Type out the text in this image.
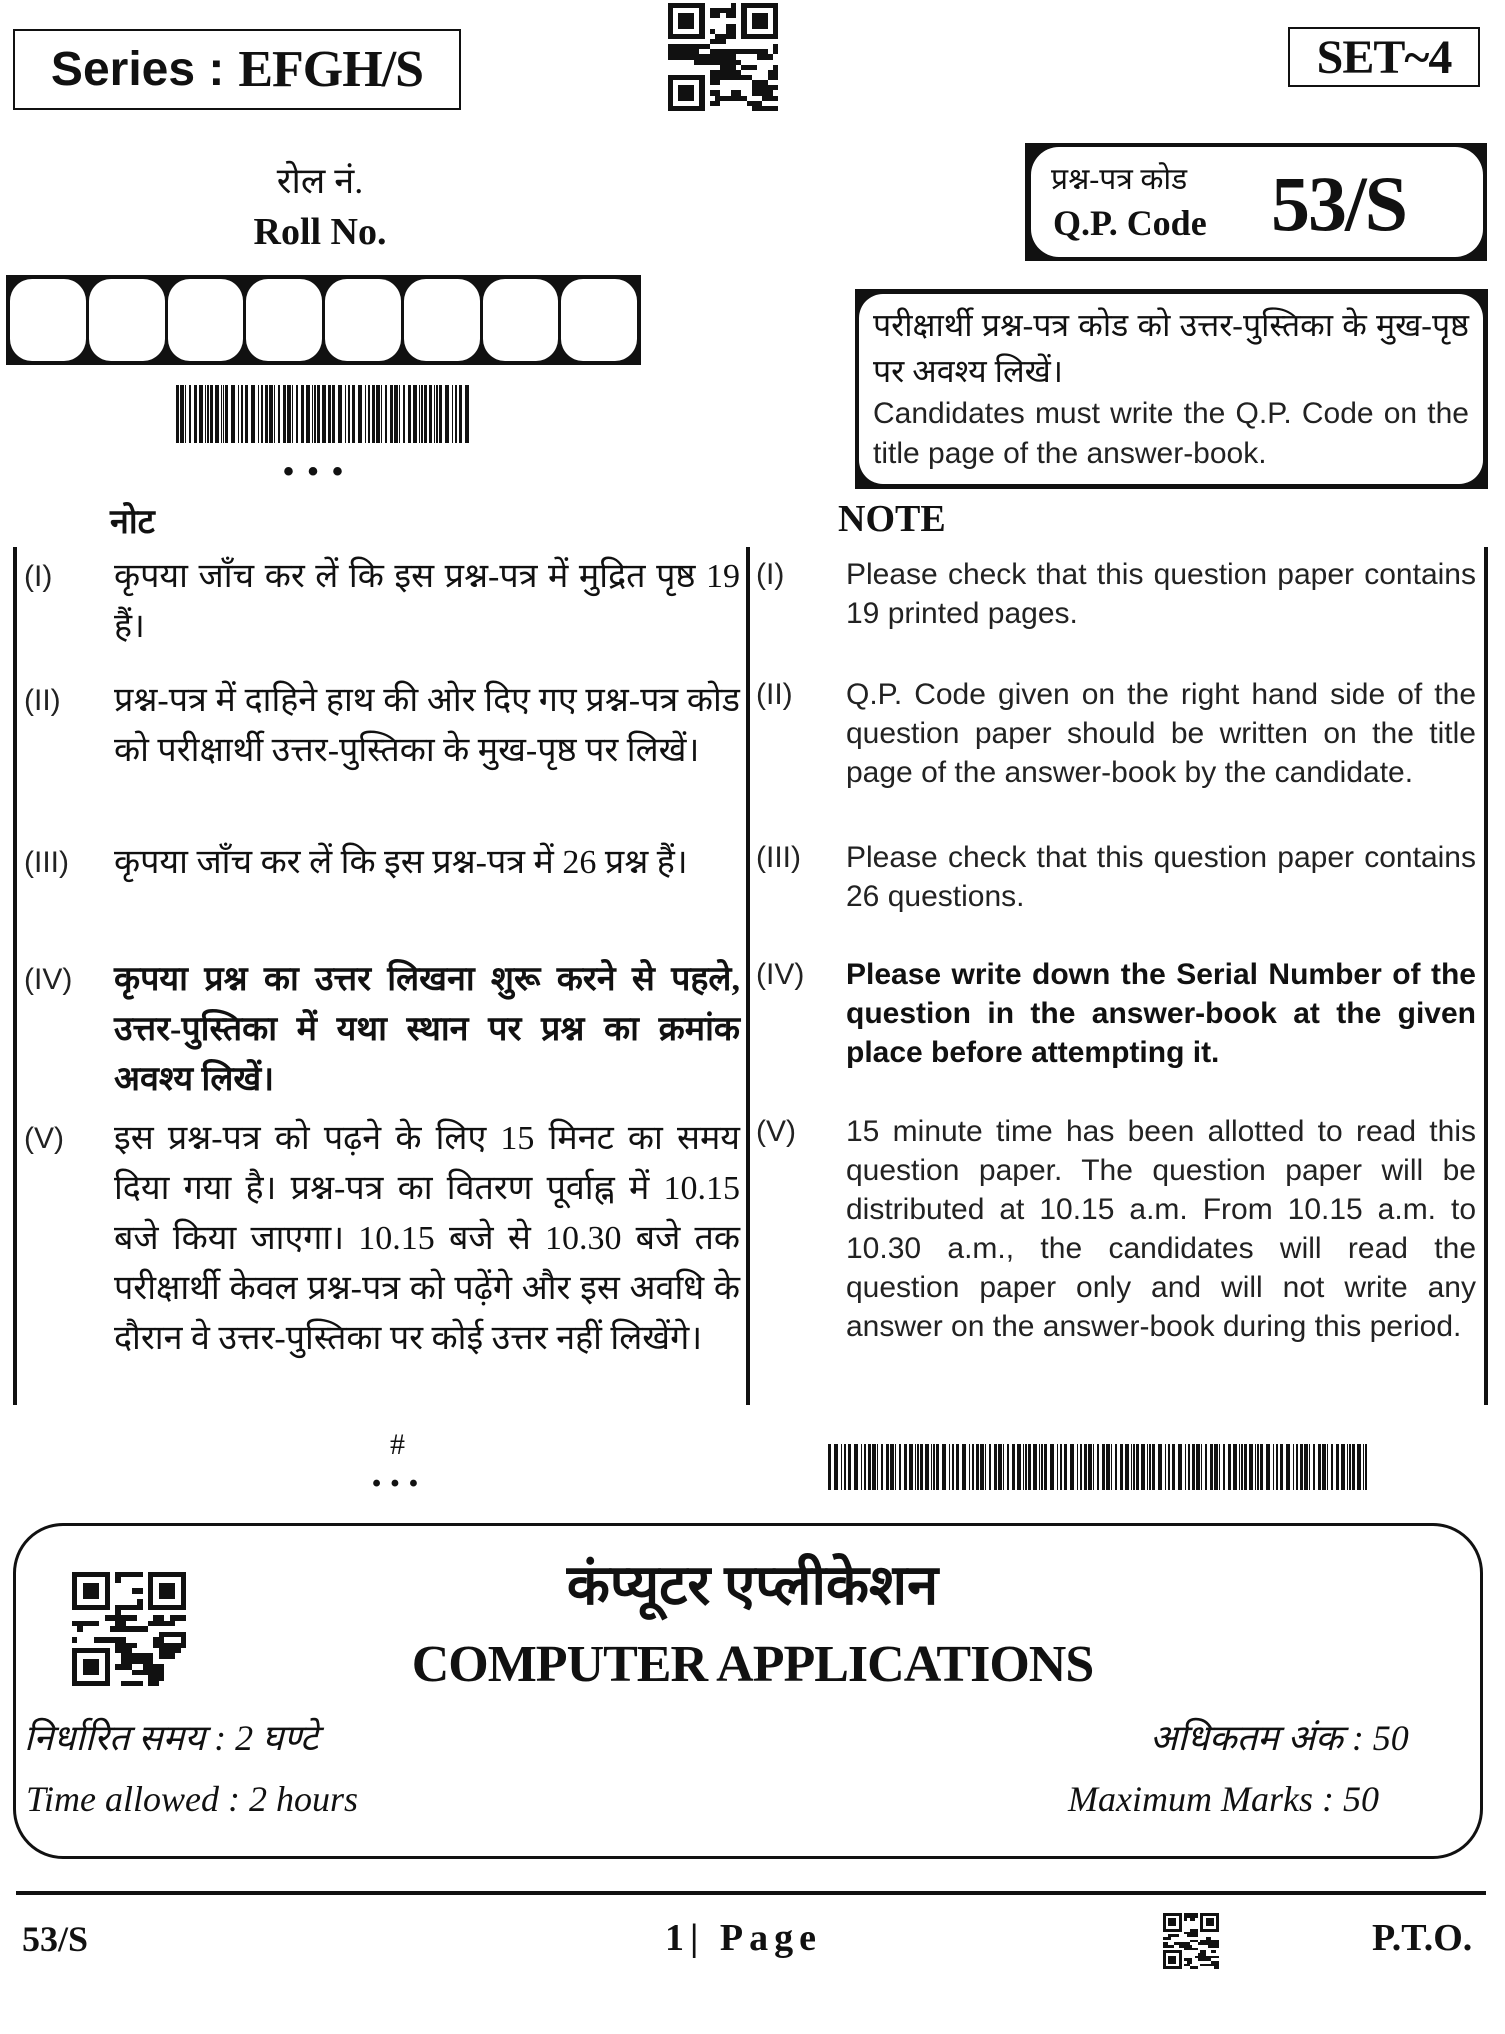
Series : EFGH/S	SET~4
रोल नं.
Roll No.
•••
प्रश्न-पत्र कोड
Q.P. Code 53/S
परीक्षार्थी प्रश्न-पत्र कोड को उत्तर-पुस्तिका के मुख-पृष्ठ पर अवश्य लिखें।
Candidates must write the Q.P. Code on the title page of the answer-book.
नोट	NOTE
(I)	कृपया जाँच कर लें कि इस प्रश्न-पत्र में मुद्रित पृष्ठ 19 हैं।
(II)	प्रश्न-पत्र में दाहिने हाथ की ओर दिए गए प्रश्न-पत्र कोड को परीक्षार्थी उत्तर-पुस्तिका के मुख-पृष्ठ पर लिखें।
(III)	कृपया जाँच कर लें कि इस प्रश्न-पत्र में 26 प्रश्न हैं।
(IV)	कृपया प्रश्न का उत्तर लिखना शुरू करने से पहले, उत्तर-पुस्तिका में यथा स्थान पर प्रश्न का क्रमांक अवश्य लिखें।
(V)	इस प्रश्न-पत्र को पढ़ने के लिए 15 मिनट का समय दिया गया है। प्रश्न-पत्र का वितरण पूर्वाह्न में 10.15 बजे किया जाएगा। 10.15 बजे से 10.30 बजे तक परीक्षार्थी केवल प्रश्न-पत्र को पढ़ेंगे और इस अवधि के दौरान वे उत्तर-पुस्तिका पर कोई उत्तर नहीं लिखेंगे।
(I)	Please check that this question paper contains 19 printed pages.
(II)	Q.P. Code given on the right hand side of the question paper should be written on the title page of the answer-book by the candidate.
(III)	Please check that this question paper contains 26 questions.
(IV)	Please write down the Serial Number of the question in the answer-book at the given place before attempting it.
(V)	15 minute time has been allotted to read this question paper. The question paper will be distributed at 10.15 a.m. From 10.15 a.m. to 10.30 a.m., the candidates will read the question paper only and will not write any answer on the answer-book during this period.
#
•••
कंप्यूटर एप्लीकेशन
COMPUTER APPLICATIONS
निर्धारित समय : 2 घण्टे
Time allowed : 2 hours
अधिकतम अंक : 50
Maximum Marks : 50
53/S	1| Page	P.T.O.
